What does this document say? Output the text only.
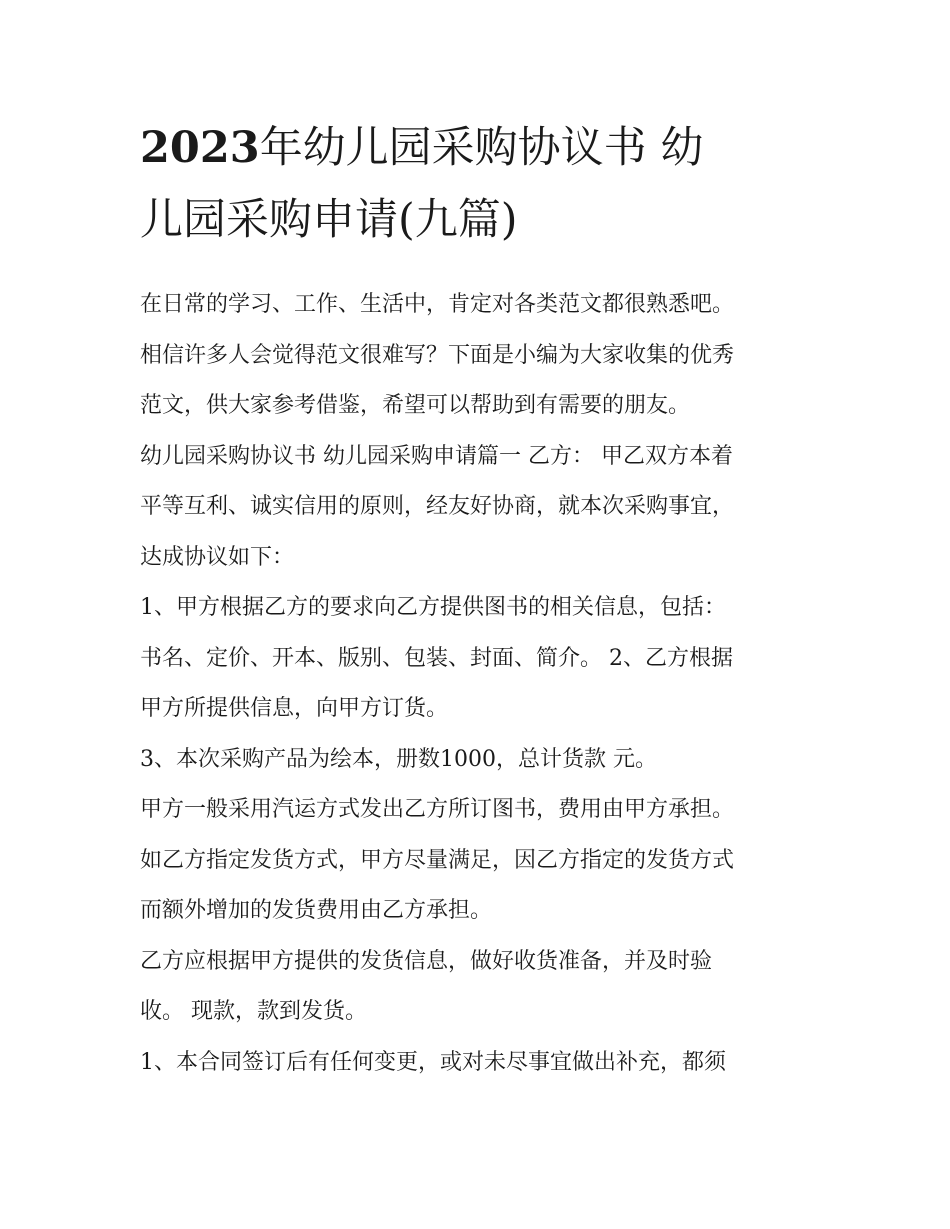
2023年幼儿园采购协议书 幼
儿园采购申请(九篇)

在日常的学习、工作、生活中，肯定对各类范文都很熟悉吧。

相信许多人会觉得范文很难写？下面是小编为大家收集的优秀

范文，供大家参考借鉴，希望可以帮助到有需要的朋友。

幼儿园采购协议书 幼儿园采购申请篇一 乙方： 甲乙双方本着

平等互利、诚实信用的原则，经友好协商，就本次采购事宜，

达成协议如下：

1、甲方根据乙方的要求向乙方提供图书的相关信息，包括：

书名、定价、开本、版别、包装、封面、简介。 2、乙方根据

甲方所提供信息，向甲方订货。

3、本次采购产品为绘本，册数1000，总计货款 元。

甲方一般采用汽运方式发出乙方所订图书，费用由甲方承担。

如乙方指定发货方式，甲方尽量满足，因乙方指定的发货方式

而额外增加的发货费用由乙方承担。

乙方应根据甲方提供的发货信息，做好收货准备，并及时验

收。 现款，款到发货。

1、本合同签订后有任何变更，或对未尽事宜做出补充，都须
